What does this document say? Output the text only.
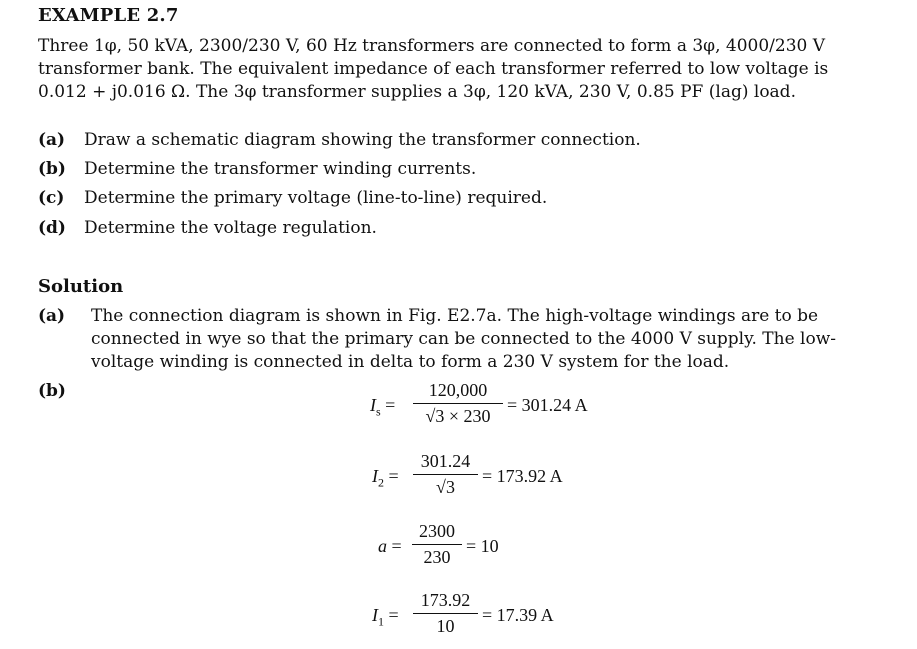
EXAMPLE 2.7
Three 1φ, 50 kVA, 2300/230 V, 60 Hz transformers are connected to form a 3φ, 4000/230 V
transformer bank. The equivalent impedance of each transformer referred to low voltage is
0.012 + j0.016 Ω. The 3φ transformer supplies a 3φ, 120 kVA, 230 V, 0.85 PF (lag) load.
(a) Draw a schematic diagram showing the transformer connection.
(b) Determine the transformer winding currents.
(c) Determine the primary voltage (line-to-line) required.
(d) Determine the voltage regulation.
Solution
(a) The connection diagram is shown in Fig. E2.7a. The high-voltage windings are to be
connected in wye so that the primary can be connected to the 4000 V supply. The low-
voltage winding is connected in delta to form a 230 V system for the load.
(b)
$I_s$ =
120,000
√3 × 230
= 301.24 A
$I_2$ =
301.24
√3
= 173.92 A
a =
2300
230
= 10
$I_1$ =
173.92
10
= 17.39 A
